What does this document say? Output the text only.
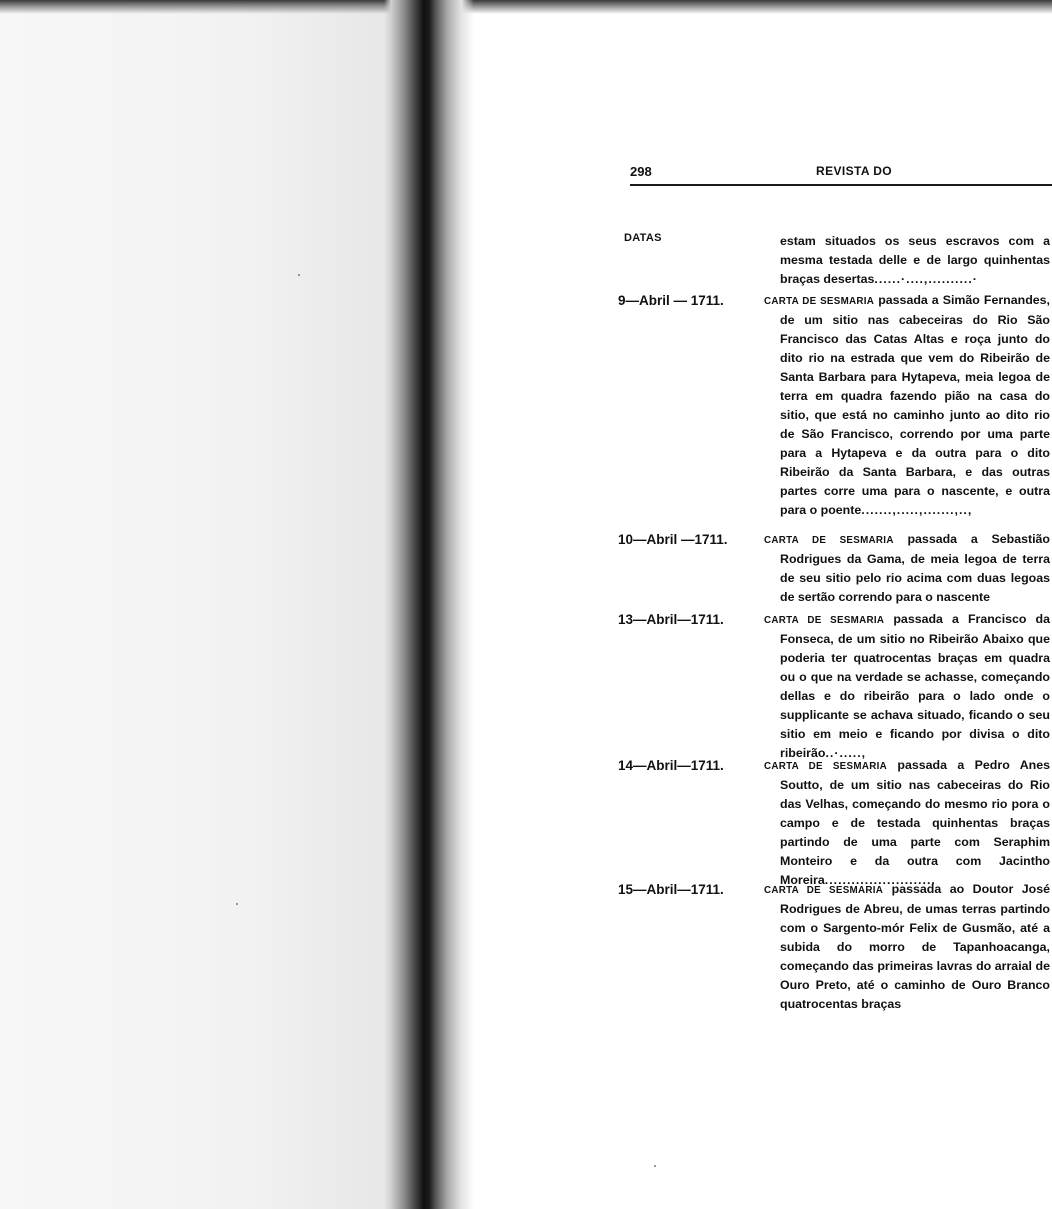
298	REVISTA DO
DATAS	estam situados os seus escravos com a mesma testada delle e de largo quinhentas braças desertas......·....,..........·
9—Abril — 1711.	CARTA DE SESMARIA passada a Simão Fernandes, de um sitio nas cabeceiras do Rio São Francisco das Catas Altas e roça junto do dito rio na estrada que vem do Ribeirão de Santa Barbara para Hytapeva, meia legoa de terra em quadra fazendo pião na casa do sitio, que está no caminho junto ao dito rio de São Francisco, correndo por uma parte para a Hytapeva e da outra para o dito Ribeirão da Santa Barbara, e das outras partes corre uma para o nascente, e outra para o poente.......,.....,.......,..,
10—Abril —1711.	CARTA DE SESMARIA passada a Sebastião Rodrigues da Gama, de meia legoa de terra de seu sitio pelo rio acima com duas legoas de sertão correndo para o nascente
13—Abril—1711.	CARTA DE SESMARIA passada a Francisco da Fonseca, de um sitio no Ribeirão Abaixo que poderia ter quatrocentas braças em quadra ou o que na verdade se achasse, começando dellas e do ribeirão para o lado onde o supplicante se achava situado, ficando o seu sitio em meio e ficando por divisa o dito ribeirão..·.....,
14—Abril—1711.	CARTA DE SESMARIA passada a Pedro Anes Soutto, de um sitio nas cabeceiras do Rio das Velhas, começando do mesmo rio pora o campo e de testada quinhentas braças partindo de uma parte com Seraphim Monteiro e da outra com Jacintho Moreira.........................
15—Abril—1711.	CARTA DE SESMARIA passada ao Doutor José Rodrigues de Abreu, de umas terras partindo com o Sargento-mór Felix de Gusmão, até a subida do morro de Tapanhoacanga, começando das primeiras lavras do arraial de Ouro Preto, até o caminho de Ouro Branco quatrocentas braças
